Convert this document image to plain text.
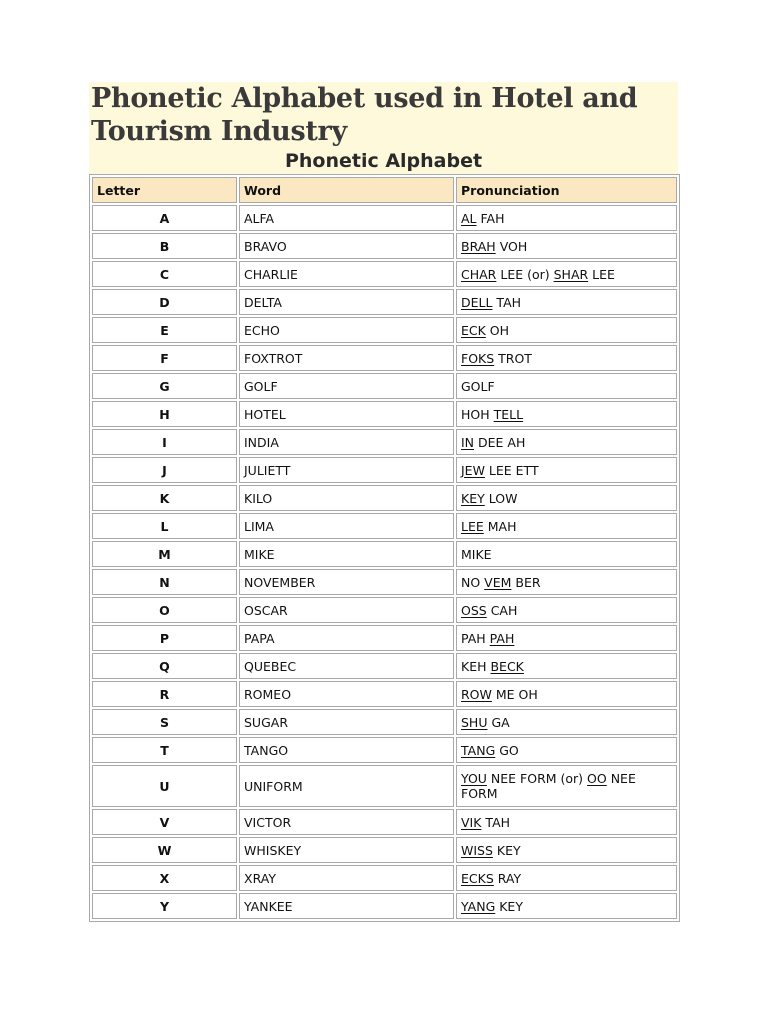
Phonetic Alphabet used in Hotel and Tourism Industry
Phonetic Alphabet
Letter	Word	Pronunciation
A	ALFA	AL FAH
B	BRAVO	BRAH VOH
C	CHARLIE	CHAR LEE (or) SHAR LEE
D	DELTA	DELL TAH
E	ECHO	ECK OH
F	FOXTROT	FOKS TROT
G	GOLF	GOLF
H	HOTEL	HOH TELL
I	INDIA	IN DEE AH
J	JULIETT	JEW LEE ETT
K	KILO	KEY LOW
L	LIMA	LEE MAH
M	MIKE	MIKE
N	NOVEMBER	NO VEM BER
O	OSCAR	OSS CAH
P	PAPA	PAH PAH
Q	QUEBEC	KEH BECK
R	ROMEO	ROW ME OH
S	SUGAR	SHU GA
T	TANGO	TANG GO
U	UNIFORM	YOU NEE FORM (or) OO NEE FORM
V	VICTOR	VIK TAH
W	WHISKEY	WISS KEY
X	XRAY	ECKS RAY
Y	YANKEE	YANG KEY
